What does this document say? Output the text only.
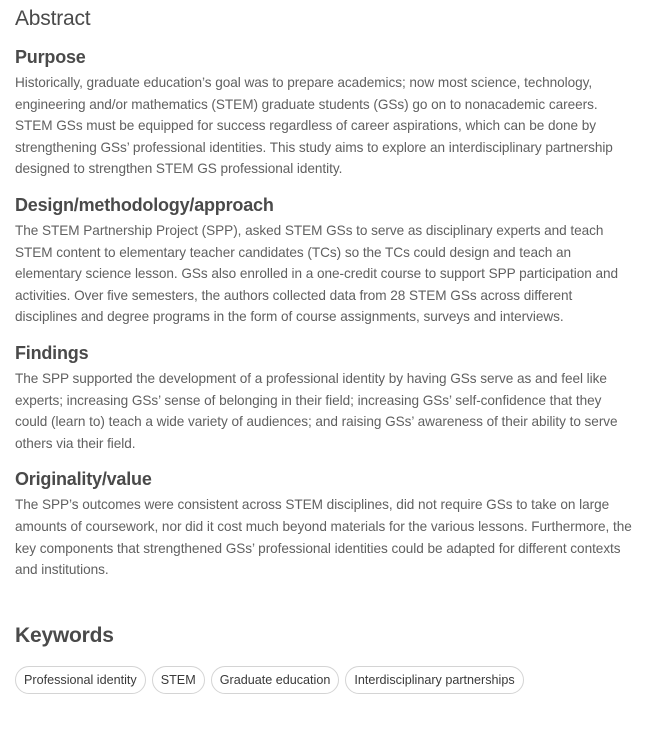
Abstract
Purpose

Historically, graduate education’s goal was to prepare academics; now most science, technology, engineering and/or mathematics (STEM) graduate students (GSs) go on to nonacademic careers. STEM GSs must be equipped for success regardless of career aspirations, which can be done by strengthening GSs’ professional identities. This study aims to explore an interdisciplinary partnership designed to strengthen STEM GS professional identity.

Design/methodology/approach

The STEM Partnership Project (SPP), asked STEM GSs to serve as disciplinary experts and teach STEM content to elementary teacher candidates (TCs) so the TCs could design and teach an elementary science lesson. GSs also enrolled in a one-credit course to support SPP participation and activities. Over five semesters, the authors collected data from 28 STEM GSs across different disciplines and degree programs in the form of course assignments, surveys and interviews.

Findings

The SPP supported the development of a professional identity by having GSs serve as and feel like experts; increasing GSs’ sense of belonging in their field; increasing GSs’ self-confidence that they could (learn to) teach a wide variety of audiences; and raising GSs’ awareness of their ability to serve others via their field.

Originality/value

The SPP’s outcomes were consistent across STEM disciplines, did not require GSs to take on large amounts of coursework, nor did it cost much beyond materials for the various lessons. Furthermore, the key components that strengthened GSs’ professional identities could be adapted for different contexts and institutions.

Keywords
Professional identity	STEM	Graduate education	Interdisciplinary partnerships
